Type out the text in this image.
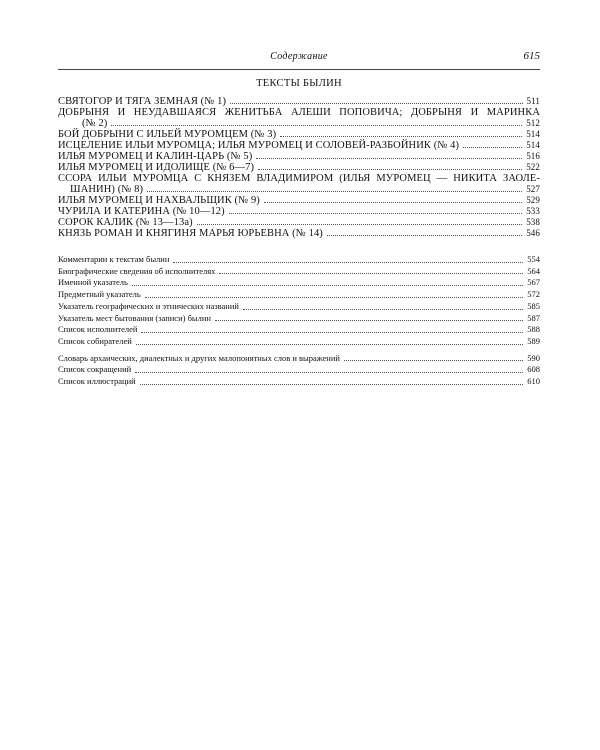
Содержание	615
ТЕКСТЫ БЫЛИН
СВЯТОГОР И ТЯГА ЗЕМНАЯ (№ 1)	511
ДОБРЫНЯ И НЕУДАВШАЯСЯ ЖЕНИТЬБА АЛЕШИ ПОПОВИЧА; ДОБРЫНЯ И МАРИНКА
(№ 2)	512
БОЙ ДОБРЫНИ С ИЛЬЕЙ МУРОМЦЕМ (№ 3)	514
ИСЦЕЛЕНИЕ ИЛЬИ МУРОМЦА; ИЛЬЯ МУРОМЕЦ И СОЛОВЕЙ-РАЗБОЙНИК (№ 4)	514
ИЛЬЯ МУРОМЕЦ И КАЛИН-ЦАРЬ (№ 5)	516
ИЛЬЯ МУРОМЕЦ И ИДОЛИЩЕ (№ 6—7)	522
ССОРА ИЛЬИ МУРОМЦА С КНЯЗЕМ ВЛАДИМИРОМ (ИЛЬЯ МУРОМЕЦ — НИКИТА ЗАОЛЕ-
ШАНИН) (№ 8)	527
ИЛЬЯ МУРОМЕЦ И НАХВАЛЬЩИК (№ 9)	529
ЧУРИЛА И КАТЕРИНА (№ 10—12)	533
СОРОК КАЛИК (№ 13—13а)	538
КНЯЗЬ РОМАН И КНЯГИНЯ МАРЬЯ ЮРЬЕВНА (№ 14)	546
Комментарии к текстам былин	554
Биографические сведения об исполнителях	564
Именной указатель	567
Предметный указатель	572
Указатель географических и этнических названий	585
Указатель мест бытования (записи) былин	587
Список исполнителей	588
Список собирателей	589
Словарь архаических, диалектных и других малопонятных слов и выражений	590
Список сокращений	608
Список иллюстраций	610
